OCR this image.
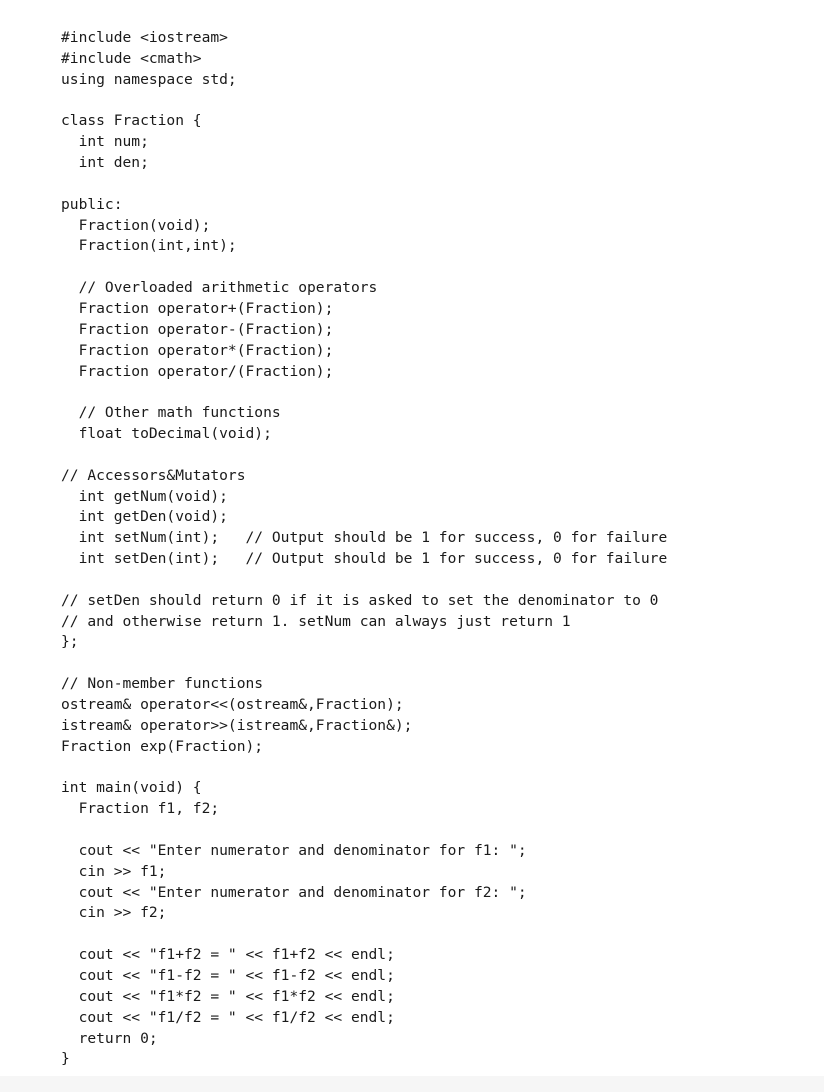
#include <iostream>
#include <cmath>
using namespace std;
class Fraction {
int num;
int den;
public:
Fraction(void);
Fraction(int,int);
// Overloaded arithmetic operators
Fraction operator+(Fraction);
Fraction operator-(Fraction);
Fraction operator*(Fraction);
Fraction operator/(Fraction);
// Other math functions
float toDecimal(void);
// Accessors&Mutators
int getNum(void);
int getDen(void);
int setNum(int);   // Output should be 1 for success, 0 for failure
int setDen(int);   // Output should be 1 for success, 0 for failure
// setDen should return 0 if it is asked to set the denominator to 0
// and otherwise return 1. setNum can always just return 1
};
// Non-member functions
ostream& operator<<(ostream&,Fraction);
istream& operator>>(istream&,Fraction&);
Fraction exp(Fraction);
int main(void) {
Fraction f1, f2;
cout << "Enter numerator and denominator for f1: ";
cin >> f1;
cout << "Enter numerator and denominator for f2: ";
cin >> f2;
cout << "f1+f2 = " << f1+f2 << endl;
cout << "f1-f2 = " << f1-f2 << endl;
cout << "f1*f2 = " << f1*f2 << endl;
cout << "f1/f2 = " << f1/f2 << endl;
return 0;
}
